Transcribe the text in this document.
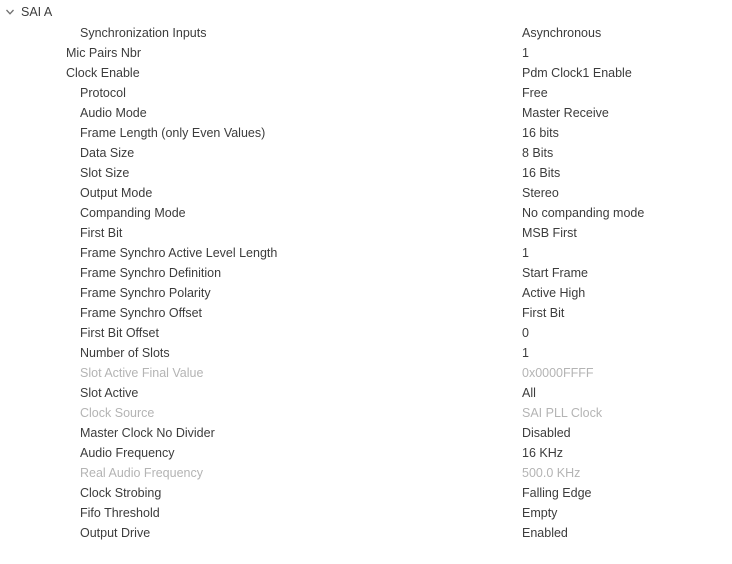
SAI A
Synchronization Inputs	Asynchronous
Mic Pairs Nbr	1
Clock Enable	Pdm Clock1 Enable
Protocol	Free
Audio Mode	Master Receive
Frame Length (only Even Values)	16 bits
Data Size	8 Bits
Slot Size	16 Bits
Output Mode	Stereo
Companding Mode	No companding mode
First Bit	MSB First
Frame Synchro Active Level Length	1
Frame Synchro Definition	Start Frame
Frame Synchro Polarity	Active High
Frame Synchro Offset	First Bit
First Bit Offset	0
Number of Slots	1
Slot Active Final Value	0x0000FFFF
Slot Active	All
Clock Source	SAI PLL Clock
Master Clock No Divider	Disabled
Audio Frequency	16 KHz
Real Audio Frequency	500.0 KHz
Clock Strobing	Falling Edge
Fifo Threshold	Empty
Output Drive	Enabled
